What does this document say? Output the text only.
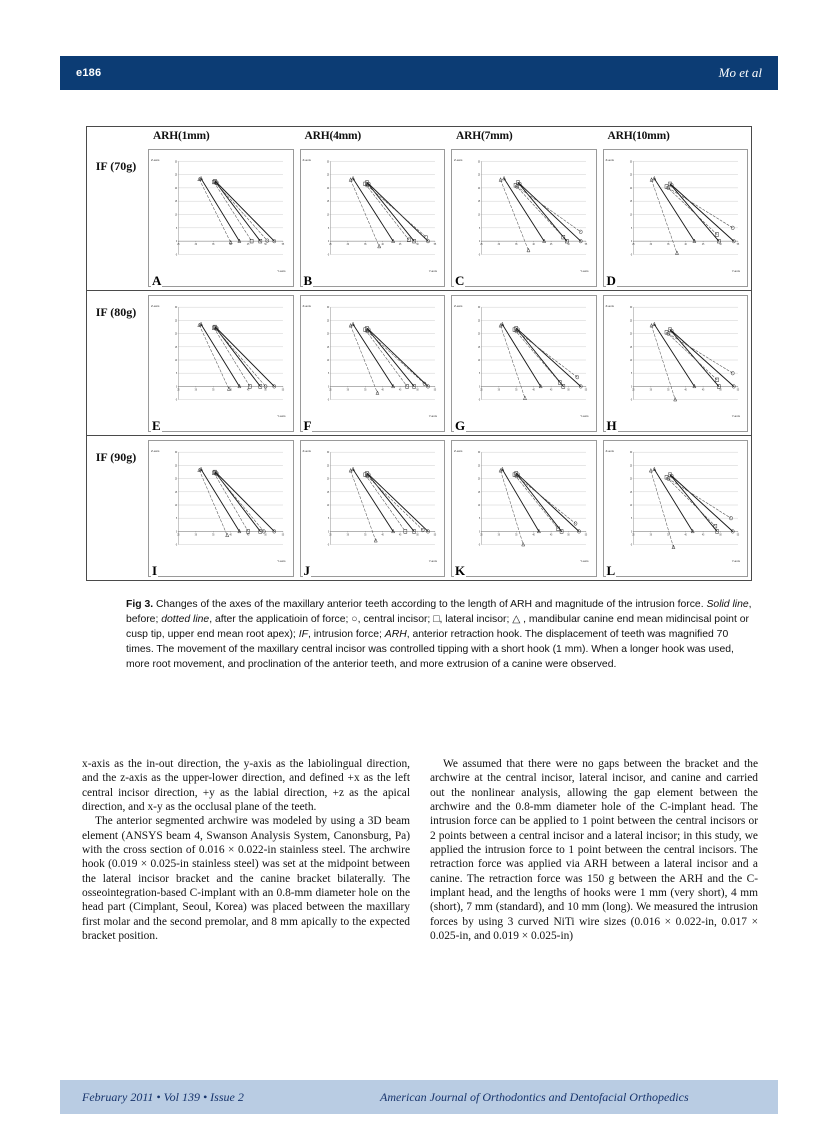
e186	Mo et al
ARH(1mm)	ARH(4mm)	ARH(7mm)	ARH(10mm)
IF (70g)
-5
0
5
10
15
20
25
30
25	30	35	40	45	50	55
Z-axis
Y-axis
A
-5
0
5
10
15
20
25
30
25	30	35	40	45	50	55
Z-axis
Y-axis
B
-5
0
5
10
15
20
25
30
25	30	35	40	45	50	55
Z-axis
Y-axis
C
-5
0
5
10
15
20
25
30
25	30	35	40	45	50	55
Z-axis
Y-axis
D
IF (80g)
-5
0
5
10
15
20
25
30
25	30	35	40	45	50	55
Z-axis
Y-axis
E
-5
0
5
10
15
20
25
30
25	30	35	40	45	50	55
Z-axis
Y-axis
F
-5
0
5
10
15
20
25
30
25	30	35	40	45	50	55
Z-axis
Y-axis
G
-5
0
5
10
15
20
25
30
25	30	35	40	45	50	55
Z-axis
Y-axis
H
IF (90g)
-5
0
5
10
15
20
25
30
25	30	35	40	45	50	55
Z-axis
Y-axis
I
-5
0
5
10
15
20
25
30
25	30	35	40	45	50	55
Z-axis
Y-axis
J
-5
0
5
10
15
20
25
30
25	30	35	40	45	50	55
Z-axis
Y-axis
K
-5
0
5
10
15
20
25
30
25	30	35	40	45	50	55
Z-axis
Y-axis
L
Fig 3. Changes of the axes of the maxillary anterior teeth according to the length of ARH and magnitude of the intrusion force. Solid line, before; dotted line, after the applicatioin of force; ○, central incisor; □, lateral incisor; △ , mandibular canine end mean midincisal point or cusp tip, upper end mean root apex); IF, intrusion force; ARH, anterior retraction hook. The displacement of teeth was magnified 70 times. The movement of the maxillary central incisor was controlled tipping with a short hook (1 mm). When a longer hook was used, more root movement, and proclination of the anterior teeth, and more extrusion of a canine were observed.

x-axis as the in-out direction, the y-axis as the labiolingual direction, and the z-axis as the upper-lower direction, and defined +x as the left central incisor direction, +y as the labial direction, +z as the apical direction, and x-y as the occlusal plane of the teeth.

The anterior segmented archwire was modeled by using a 3D beam element (ANSYS beam 4, Swanson Analysis System, Canonsburg, Pa) with the cross section of 0.016 × 0.022-in stainless steel. The archwire hook (0.019 × 0.025-in stainless steel) was set at the midpoint between the lateral incisor bracket and the canine bracket bilaterally. The osseointegration-based C-implant with an 0.8-mm diameter hole on the head part (Cimplant, Seoul, Korea) was placed between the maxillary first molar and the second premolar, and 8 mm apically to the expected bracket position.

We assumed that there were no gaps between the bracket and the archwire at the central incisor, lateral incisor, and canine and carried out the nonlinear analysis, allowing the gap element between the archwire and the 0.8-mm diameter hole of the C-implant head. The intrusion force can be applied to 1 point between the central incisors or 2 points between a central incisor and a lateral incisor; in this study, we applied the intrusion force to 1 point between the central incisors. The retraction force was applied via ARH between a lateral incisor and a canine. The retraction force was 150 g between the ARH and the C-implant head, and the lengths of hooks were 1 mm (very short), 4 mm (short), 7 mm (standard), and 10 mm (long). We measured the intrusion forces by using 3 curved NiTi wire sizes (0.016 × 0.022-in, 0.017 × 0.025-in, and 0.019 × 0.025-in)

February 2011 • Vol 139 • Issue 2	American Journal of Orthodontics and Dentofacial Orthopedics
